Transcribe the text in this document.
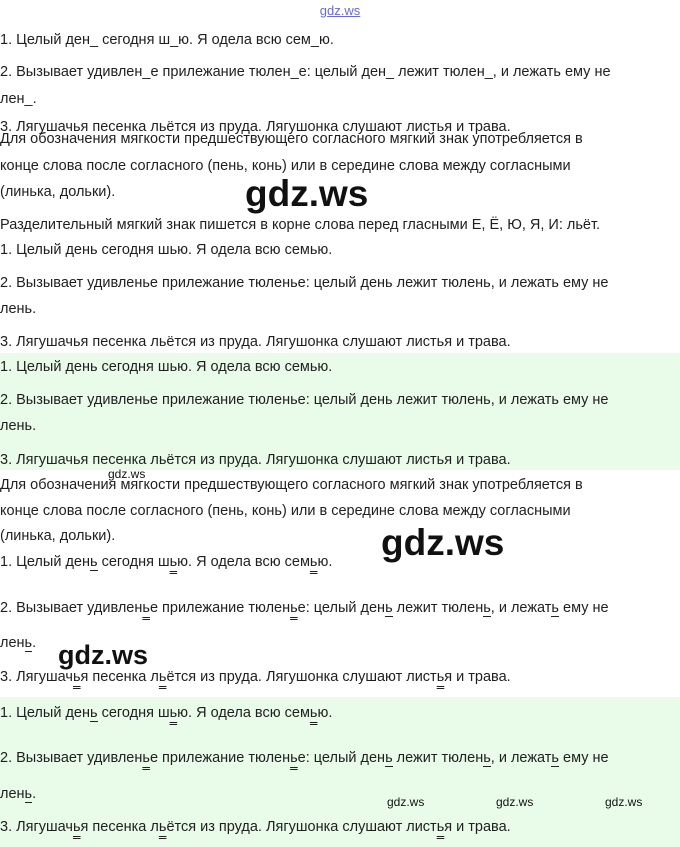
gdz.ws
1. Целый ден_ сегодня ш_ю. Я одела всю сем_ю.
2. Вызывает удивлен_е прилежание тюлен_е: целый ден_ лежит тюлен_, и лежать ему не
лен_.
3. Лягушачья песенка льётся из пруда. Лягушонка слушают листья и трава.
Для обозначения мягкости предшествующего согласного мягкий знак употребляется в
конце слова после согласного (пень, конь) или в середине слова между согласными
(линька, дольки).	gdz.ws
Разделительный мягкий знак пишется в корне слова перед гласными Е, Ё, Ю, Я, И: льёт.
1. Целый день сегодня шью. Я одела всю семью.
2. Вызывает удивленье прилежание тюленье: целый день лежит тюлень, и лежать ему не
лень.
3. Лягушачья песенка льётся из пруда. Лягушонка слушают листья и трава.
1. Целый день сегодня шью. Я одела всю семью.
2. Вызывает удивленье прилежание тюленье: целый день лежит тюлень, и лежать ему не
лень.
3. Лягушачья песенка льётся из пруда. Лягушонка слушают листья и трава.
gdz.ws
Для обозначения мягкости предшествующего согласного мягкий знак употребляется в
конце слова после согласного (пень, конь) или в середине слова между согласными
(линька, дольки).	gdz.ws
1. Целый день сегодня шью. Я одела всю семью.
2. Вызывает удивленье прилежание тюленье: целый день лежит тюлень, и лежать ему не
лень. gdz.ws
3. Лягушачья песенка льётся из пруда. Лягушонка слушают листья и трава.
1. Целый день сегодня шью. Я одела всю семью.
2. Вызывает удивленье прилежание тюленье: целый день лежит тюлень, и лежать ему не
лень.	gdz.ws	gdz.ws	gdz.ws
3. Лягушачья песенка льётся из пруда. Лягушонка слушают листья и трава.
